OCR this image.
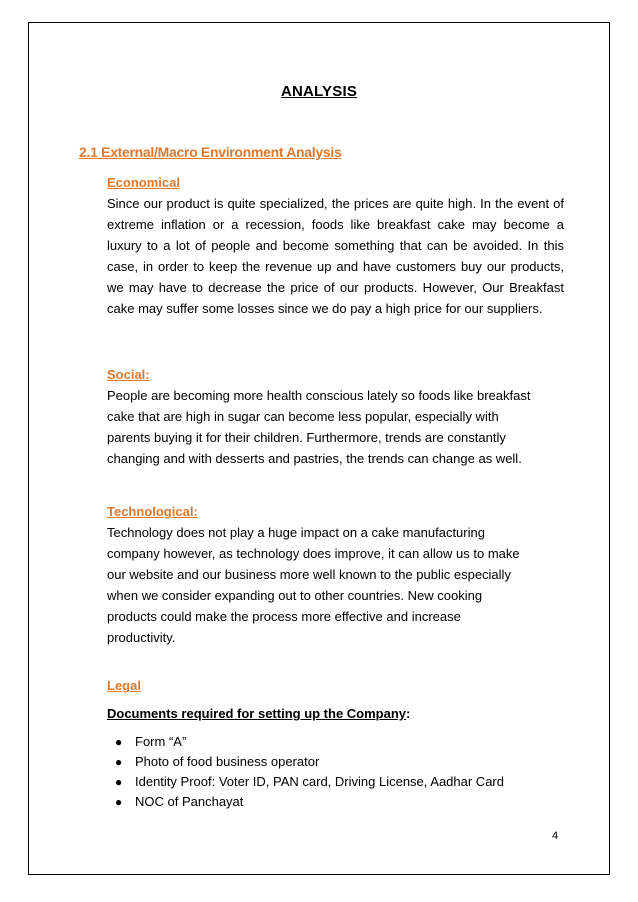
ANALYSIS
2.1 External/Macro Environment Analysis
Economical

Since our product is quite specialized, the prices are quite high. In the event of extreme inflation or a recession, foods like breakfast cake may become a luxury to a lot of people and become something that can be avoided. In this case, in order to keep the revenue up and have customers buy our products, we may have to decrease the price of our products. However, Our Breakfast cake may suffer some losses since we do pay a high price for our suppliers.

Social:
People are becoming more health conscious lately so foods like breakfast
cake that are high in sugar can become less popular, especially with
parents buying it for their children. Furthermore, trends are constantly
changing and with desserts and pastries, the trends can change as well.
Technological:
Technology does not play a huge impact on a cake manufacturing
company however, as technology does improve, it can allow us to make
our website and our business more well known to the public especially
when we consider expanding out to other countries. New cooking
products could make the process more effective and increase
productivity.
Legal
Documents required for setting up the Company:
● Form “A”
● Photo of food business operator
● Identity Proof: Voter ID, PAN card, Driving License, Aadhar Card
● NOC of Panchayat
4
